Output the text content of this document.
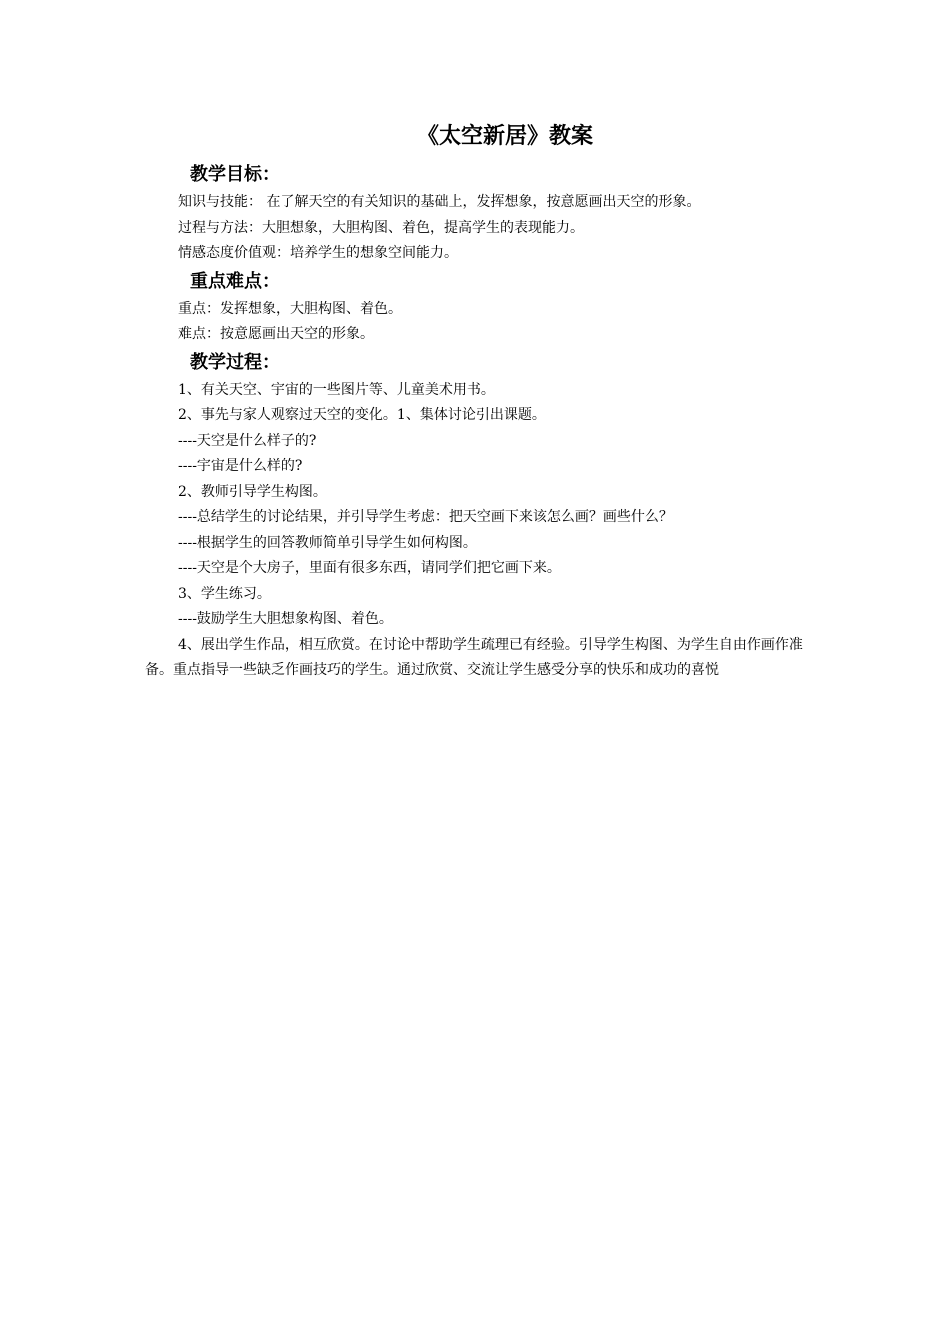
《太空新居》教案
教学目标：

知识与技能： 在了解天空的有关知识的基础上，发挥想象，按意愿画出天空的形象。

过程与方法：大胆想象，大胆构图、着色，提高学生的表现能力。

情感态度价值观：培养学生的想象空间能力。

重点难点：

重点：发挥想象，大胆构图、着色。

难点：按意愿画出天空的形象。

教学过程：

1、有关天空、宇宙的一些图片等、儿童美术用书。

2、事先与家人观察过天空的变化。1、集体讨论引出课题。

----天空是什么样子的?

----宇宙是什么样的?

2、教师引导学生构图。

----总结学生的讨论结果，并引导学生考虑：把天空画下来该怎么画？画些什么？

----根据学生的回答教师简单引导学生如何构图。

----天空是个大房子，里面有很多东西，请同学们把它画下来。

3、学生练习。

----鼓励学生大胆想象构图、着色。

4、展出学生作品，相互欣赏。在讨论中帮助学生疏理已有经验。引导学生构图、为学生自由作画作准备。重点指导一些缺乏作画技巧的学生。通过欣赏、交流让学生感受分享的快乐和成功的喜悦
